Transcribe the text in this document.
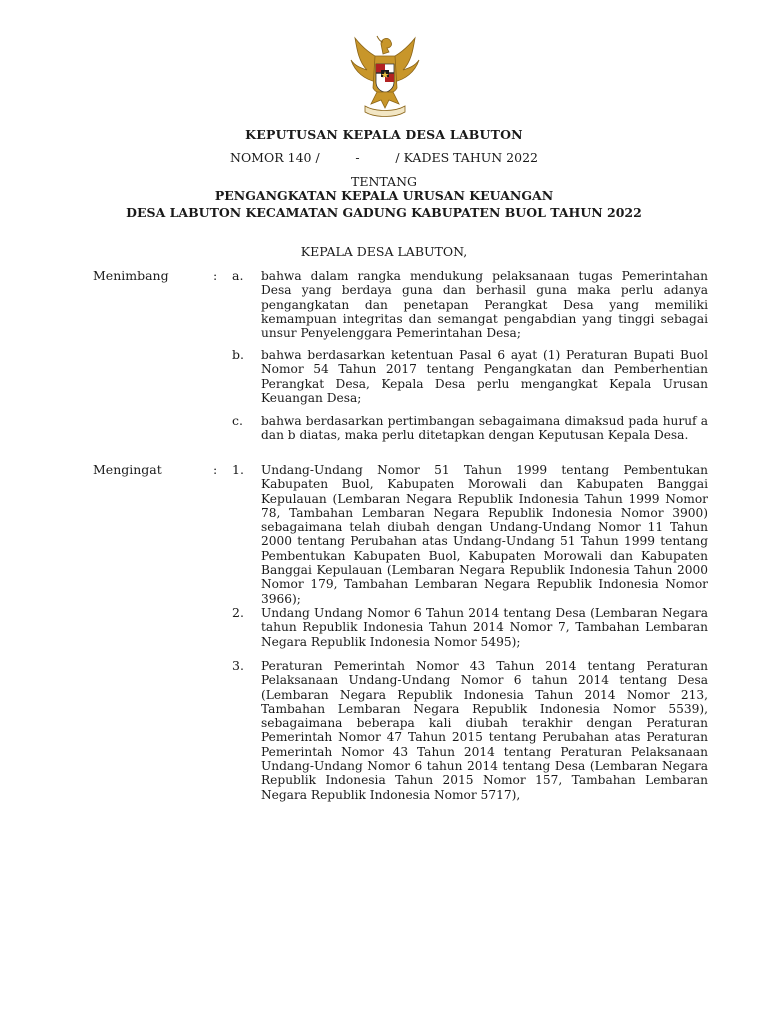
KEPUTUSAN KEPALA DESA LABUTON
NOMOR 140 /         -         / KADES TAHUN 2022
TENTANG
PENGANGKATAN KEPALA URUSAN KEUANGAN
DESA LABUTON KECAMATAN GADUNG KABUPATEN BUOL TAHUN 2022
KEPALA DESA LABUTON,
Menimbang	: a. bahwa dalam rangka mendukung pelaksanaan tugas Pemerintahan Desa yang berdaya guna dan berhasil guna maka perlu adanya pengangkatan dan penetapan Perangkat Desa yang memiliki kemampuan integritas dan semangat pengabdian yang tinggi sebagai unsur Penyelenggara Pemerintahan Desa;
b. bahwa berdasarkan ketentuan Pasal 6 ayat (1) Peraturan Bupati Buol Nomor 54 Tahun 2017 tentang Pengangkatan dan Pemberhentian Perangkat Desa, Kepala Desa perlu mengangkat Kepala Urusan Keuangan Desa;
c. bahwa berdasarkan pertimbangan sebagaimana dimaksud pada huruf a dan b diatas, maka perlu ditetapkan dengan Keputusan Kepala Desa.
Mengingat	: 1. Undang-Undang Nomor 51 Tahun 1999 tentang Pembentukan Kabupaten Buol, Kabupaten Morowali dan Kabupaten Banggai Kepulauan (Lembaran Negara Republik Indonesia Tahun 1999 Nomor 78, Tambahan Lembaran Negara Republik Indonesia Nomor 3900) sebagaimana telah diubah dengan Undang-Undang Nomor 11 Tahun 2000 tentang Perubahan atas Undang-Undang 51 Tahun 1999 tentang Pembentukan Kabupaten Buol, Kabupaten Morowali dan Kabupaten Banggai Kepulauan (Lembaran Negara Republik Indonesia Tahun 2000 Nomor 179, Tambahan Lembaran Negara Republik Indonesia Nomor 3966);
2. Undang Undang Nomor 6 Tahun 2014 tentang Desa (Lembaran Negara tahun Republik Indonesia Tahun 2014 Nomor 7, Tambahan Lembaran Negara Republik Indonesia Nomor 5495);
3. Peraturan Pemerintah Nomor 43 Tahun 2014 tentang Peraturan Pelaksanaan Undang-Undang Nomor 6 tahun 2014 tentang Desa (Lembaran Negara Republik Indonesia Tahun 2014 Nomor 213, Tambahan Lembaran Negara Republik Indonesia Nomor 5539), sebagaimana beberapa kali diubah terakhir dengan Peraturan Pemerintah Nomor 47 Tahun 2015 tentang Perubahan atas Peraturan Pemerintah Nomor 43 Tahun 2014 tentang Peraturan Pelaksanaan Undang-Undang Nomor 6 tahun 2014 tentang Desa (Lembaran Negara Republik Indonesia Tahun 2015 Nomor 157, Tambahan Lembaran Negara Republik Indonesia Nomor 5717),
